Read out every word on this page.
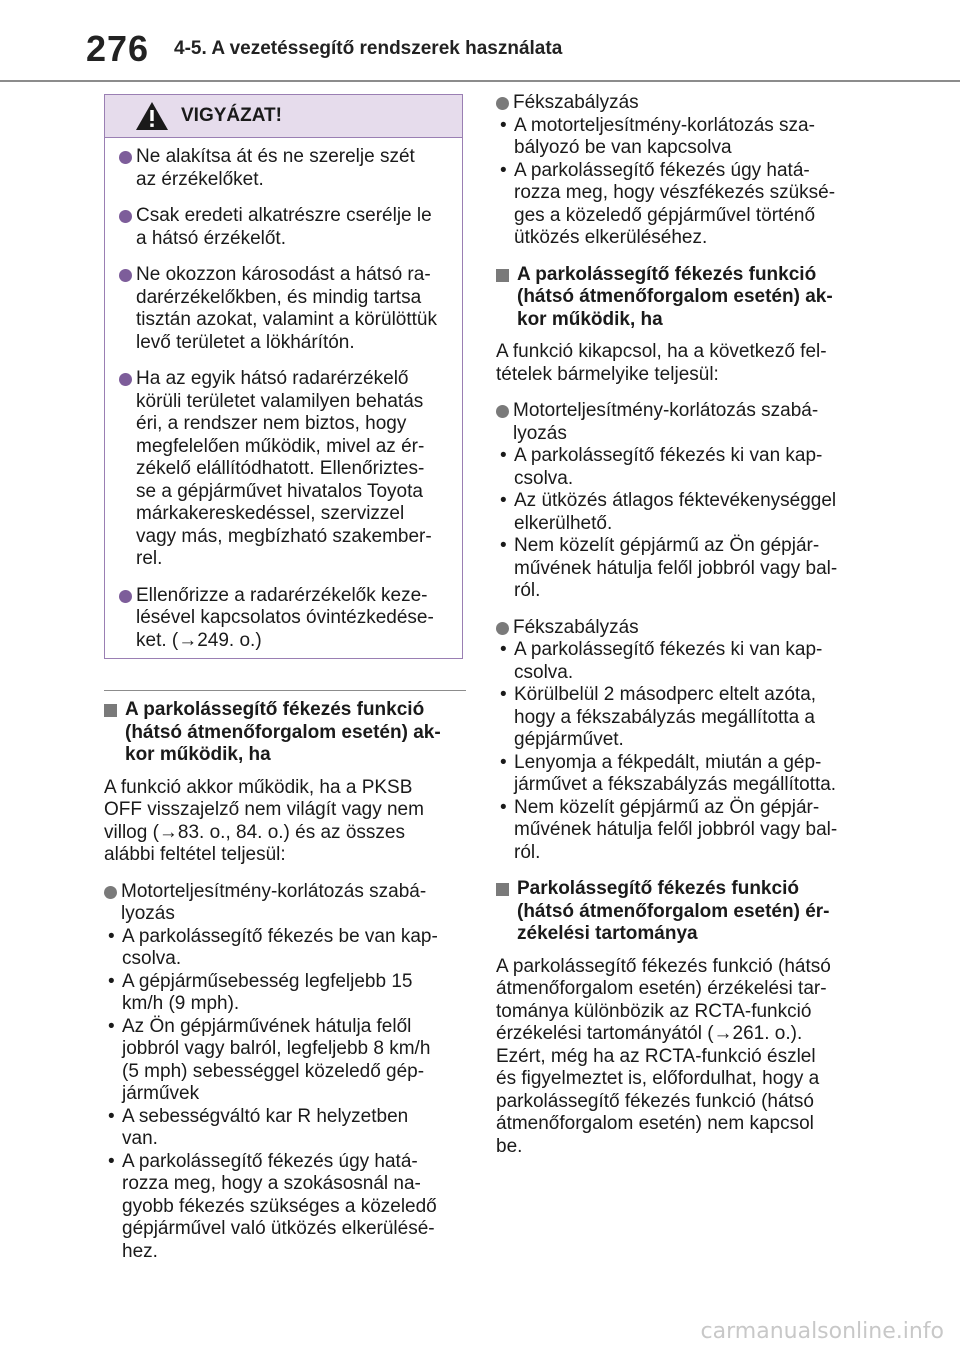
276 4-5. A vezetéssegítő rendszerek használata
VIGYÁZAT!
Ne alakítsa át és ne szerelje szét
az érzékelőket.
Csak eredeti alkatrészre cserélje le
a hátsó érzékelőt.
Ne okozzon károsodást a hátsó ra-
darérzékelőkben, és mindig tartsa
tisztán azokat, valamint a körülöttük
levő területet a lökhárítón.
Ha az egyik hátsó radarérzékelő
körüli területet valamilyen behatás
éri, a rendszer nem biztos, hogy
megfelelően működik, mivel az ér-
zékelő elállítódhatott. Ellenőriztes-
se a gépjárművet hivatalos Toyota
márkakereskedéssel, szervizzel
vagy más, megbízható szakember-
rel.
Ellenőrizze a radarérzékelők keze-
lésével kapcsolatos óvintézkedése-
ket. (→249. o.)
A parkolássegítő fékezés funkció
(hátsó átmenőforgalom esetén) ak-
kor működik, ha
A funkció akkor működik, ha a PKSB
OFF visszajelző nem világít vagy nem
villog (→83. o., 84. o.) és az összes
alábbi feltétel teljesül:
Motorteljesítmény-korlátozás szabá-
lyozás
• A parkolássegítő fékezés be van kap-
csolva.
• A gépjárműsebesség legfeljebb 15
km/h (9 mph).
• Az Ön gépjárművének hátulja felől
jobbról vagy balról, legfeljebb 8 km/h
(5 mph) sebességgel közeledő gép-
járművek
• A sebességváltó kar R helyzetben
van.
• A parkolássegítő fékezés úgy hatá-
rozza meg, hogy a szokásosnál na-
gyobb fékezés szükséges a közeledő
gépjárművel való ütközés elkerülésé-
hez.
Fékszabályzás
• A motorteljesítmény-korlátozás sza-
bályozó be van kapcsolva
• A parkolássegítő fékezés úgy hatá-
rozza meg, hogy vészfékezés szüksé-
ges a közeledő gépjárművel történő
ütközés elkerüléséhez.
A parkolássegítő fékezés funkció
(hátsó átmenőforgalom esetén) ak-
kor működik, ha
A funkció kikapcsol, ha a következő fel-
tételek bármelyike teljesül:
Motorteljesítmény-korlátozás szabá-
lyozás
• A parkolássegítő fékezés ki van kap-
csolva.
• Az ütközés átlagos féktevékenységgel
elkerülhető.
• Nem közelít gépjármű az Ön gépjár-
művének hátulja felől jobbról vagy bal-
ról.
Fékszabályzás
• A parkolássegítő fékezés ki van kap-
csolva.
• Körülbelül 2 másodperc eltelt azóta,
hogy a fékszabályzás megállította a
gépjárművet.
• Lenyomja a fékpedált, miután a gép-
járművet a fékszabályzás megállította.
• Nem közelít gépjármű az Ön gépjár-
művének hátulja felől jobbról vagy bal-
ról.
Parkolássegítő fékezés funkció
(hátsó átmenőforgalom esetén) ér-
zékelési tartománya
A parkolássegítő fékezés funkció (hátsó
átmenőforgalom esetén) érzékelési tar-
tománya különbözik az RCTA-funkció
érzékelési tartományától (→261. o.).
Ezért, még ha az RCTA-funkció észlel
és figyelmeztet is, előfordulhat, hogy a
parkolássegítő fékezés funkció (hátsó
átmenőforgalom esetén) nem kapcsol
be.
carmanualsonline.info
